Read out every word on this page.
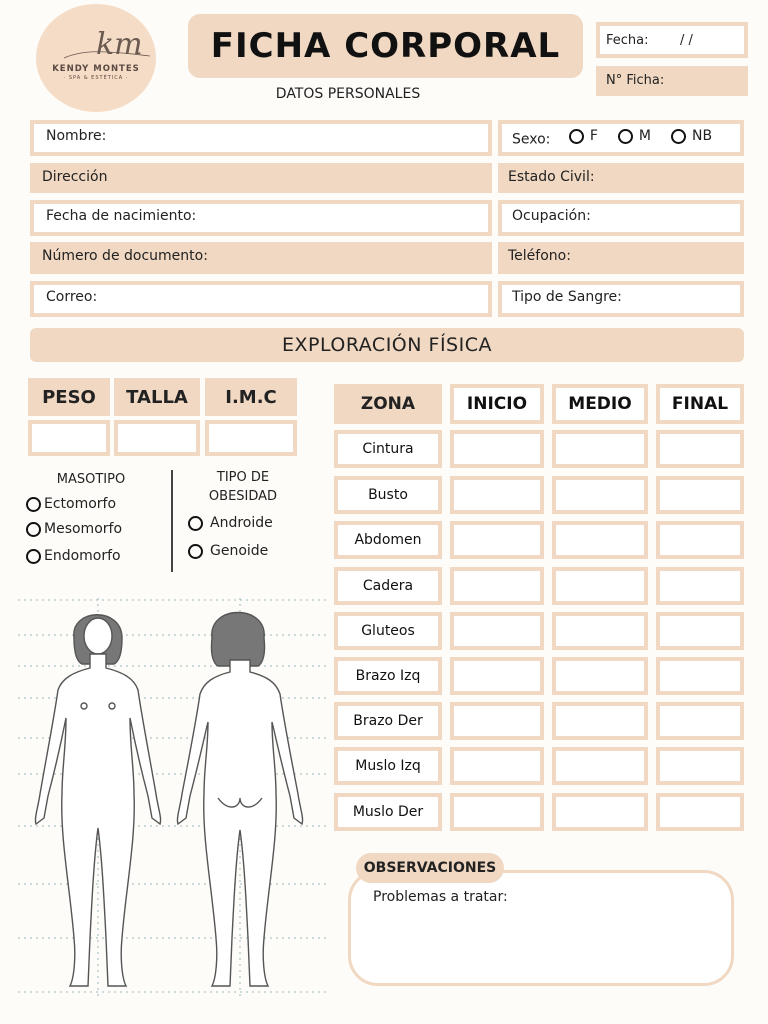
km
KENDY MONTES
· SPA & ESTÉTICA ·
FICHA CORPORAL
DATOS PERSONALES
Fecha: / /
N° Ficha:
Nombre:	Sexo:	F	M	NB
Dirección	Estado Civil:
Fecha de nacimiento:	Ocupación:
Número de documento:	Teléfono:
Correo:	Tipo de Sangre:
EXPLORACIÓN FÍSICA
PESO	TALLA	I.M.C
MASOTIPO
Ectomorfo
Mesomorfo
Endomorfo
TIPO DE
OBESIDAD
Androide
Genoide
ZONA	INICIO	MEDIO	FINAL
Cintura
Busto
Abdomen
Cadera
Gluteos
Brazo Izq
Brazo Der
Muslo Izq
Muslo Der
Problemas a tratar:
OBSERVACIONES
